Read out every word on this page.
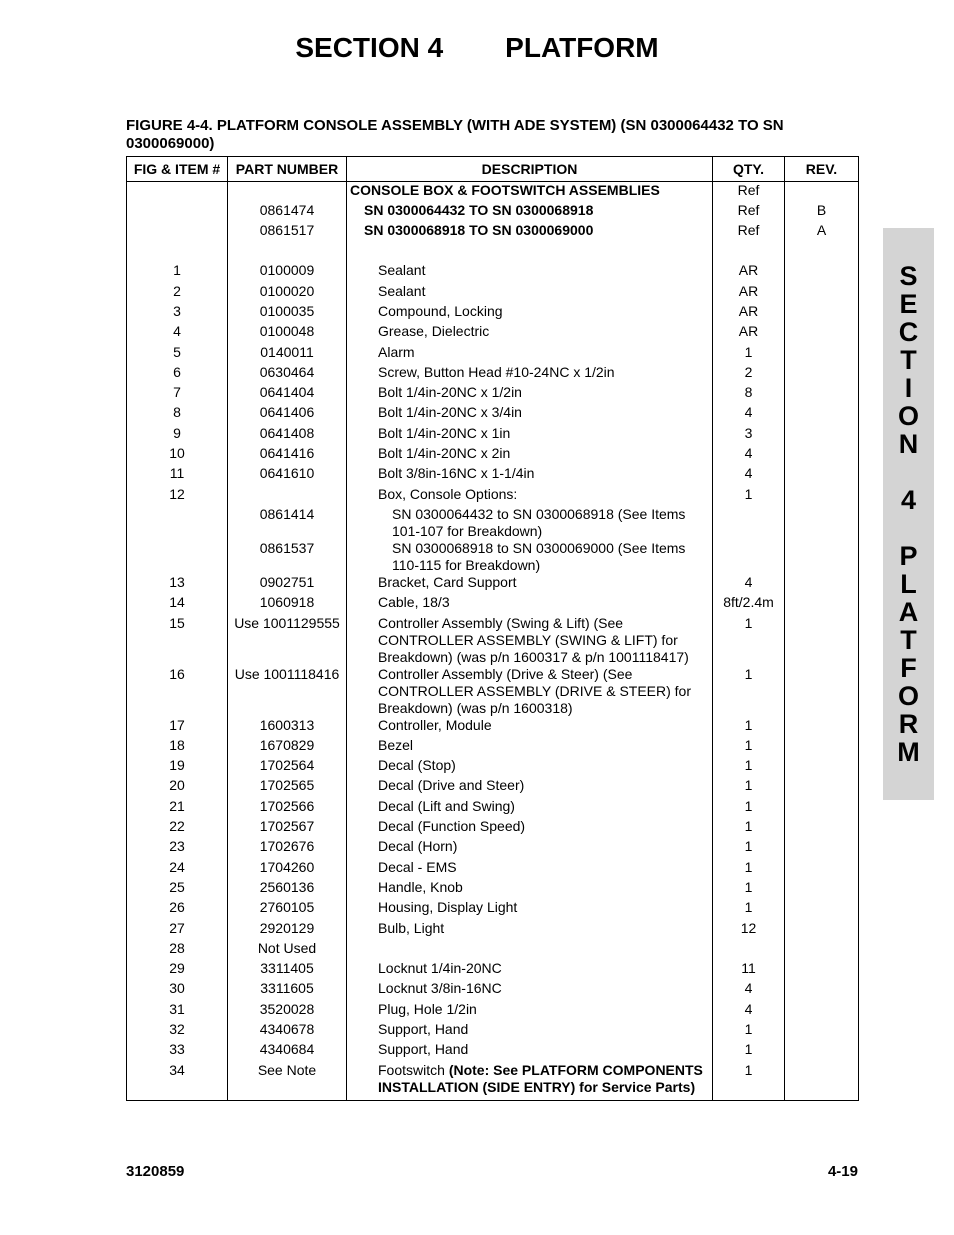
SECTION 4 PLATFORM
FIGURE 4-4. PLATFORM CONSOLE ASSEMBLY (WITH ADE SYSTEM) (SN 0300064432 TO SN 0300069000)
FIG & ITEM #	PART NUMBER	DESCRIPTION	QTY.	REV.
		CONSOLE BOX & FOOTSWITCH ASSEMBLIES	Ref	
	0861474	SN 0300064432 TO SN 0300068918	Ref	B
	0861517	SN 0300068918 TO SN 0300069000	Ref	A

1	0100009	Sealant	AR	
2	0100020	Sealant	AR	
3	0100035	Compound, Locking	AR	
4	0100048	Grease, Dielectric	AR	
5	0140011	Alarm	1	
6	0630464	Screw, Button Head #10-24NC x 1/2in	2	
7	0641404	Bolt 1/4in-20NC x 1/2in	8	
8	0641406	Bolt 1/4in-20NC x 3/4in	4	
9	0641408	Bolt 1/4in-20NC x 1in	3	
10	0641416	Bolt 1/4in-20NC x 2in	4	
11	0641610	Bolt 3/8in-16NC x 1-1/4in	4	
12		Box, Console Options:	1	
	0861414	SN 0300064432 to SN 0300068918 (See Items 101-107 for Breakdown)		
	0861537	SN 0300068918 to SN 0300069000 (See Items 110-115 for Breakdown)		
13	0902751	Bracket, Card Support	4	
14	1060918	Cable, 18/3	8ft/2.4m	
15	Use 1001129555	Controller Assembly (Swing & Lift) (See CONTROLLER ASSEMBLY (SWING & LIFT) for Breakdown) (was p/n 1600317 & p/n 1001118417)	1	
16	Use 1001118416	Controller Assembly (Drive & Steer) (See CONTROLLER ASSEMBLY (DRIVE & STEER) for Breakdown) (was p/n 1600318)	1	
17	1600313	Controller, Module	1	
18	1670829	Bezel	1	
19	1702564	Decal (Stop)	1	
20	1702565	Decal (Drive and Steer)	1	
21	1702566	Decal (Lift and Swing)	1	
22	1702567	Decal (Function Speed)	1	
23	1702676	Decal (Horn)	1	
24	1704260	Decal - EMS	1	
25	2560136	Handle, Knob	1	
26	2760105	Housing, Display Light	1	
27	2920129	Bulb, Light	12	
28	Not Used			
29	3311405	Locknut 1/4in-20NC	11	
30	3311605	Locknut 3/8in-16NC	4	
31	3520028	Plug, Hole 1/2in	4	
32	4340678	Support, Hand	1	
33	4340684	Support, Hand	1	
34	See Note	Footswitch (Note: See PLATFORM COMPONENTS INSTALLATION (SIDE ENTRY) for Service Parts)	1	
S
E
C
T
I
O
N
4
P
L
A
T
F
O
R
M
3120859	4-19
